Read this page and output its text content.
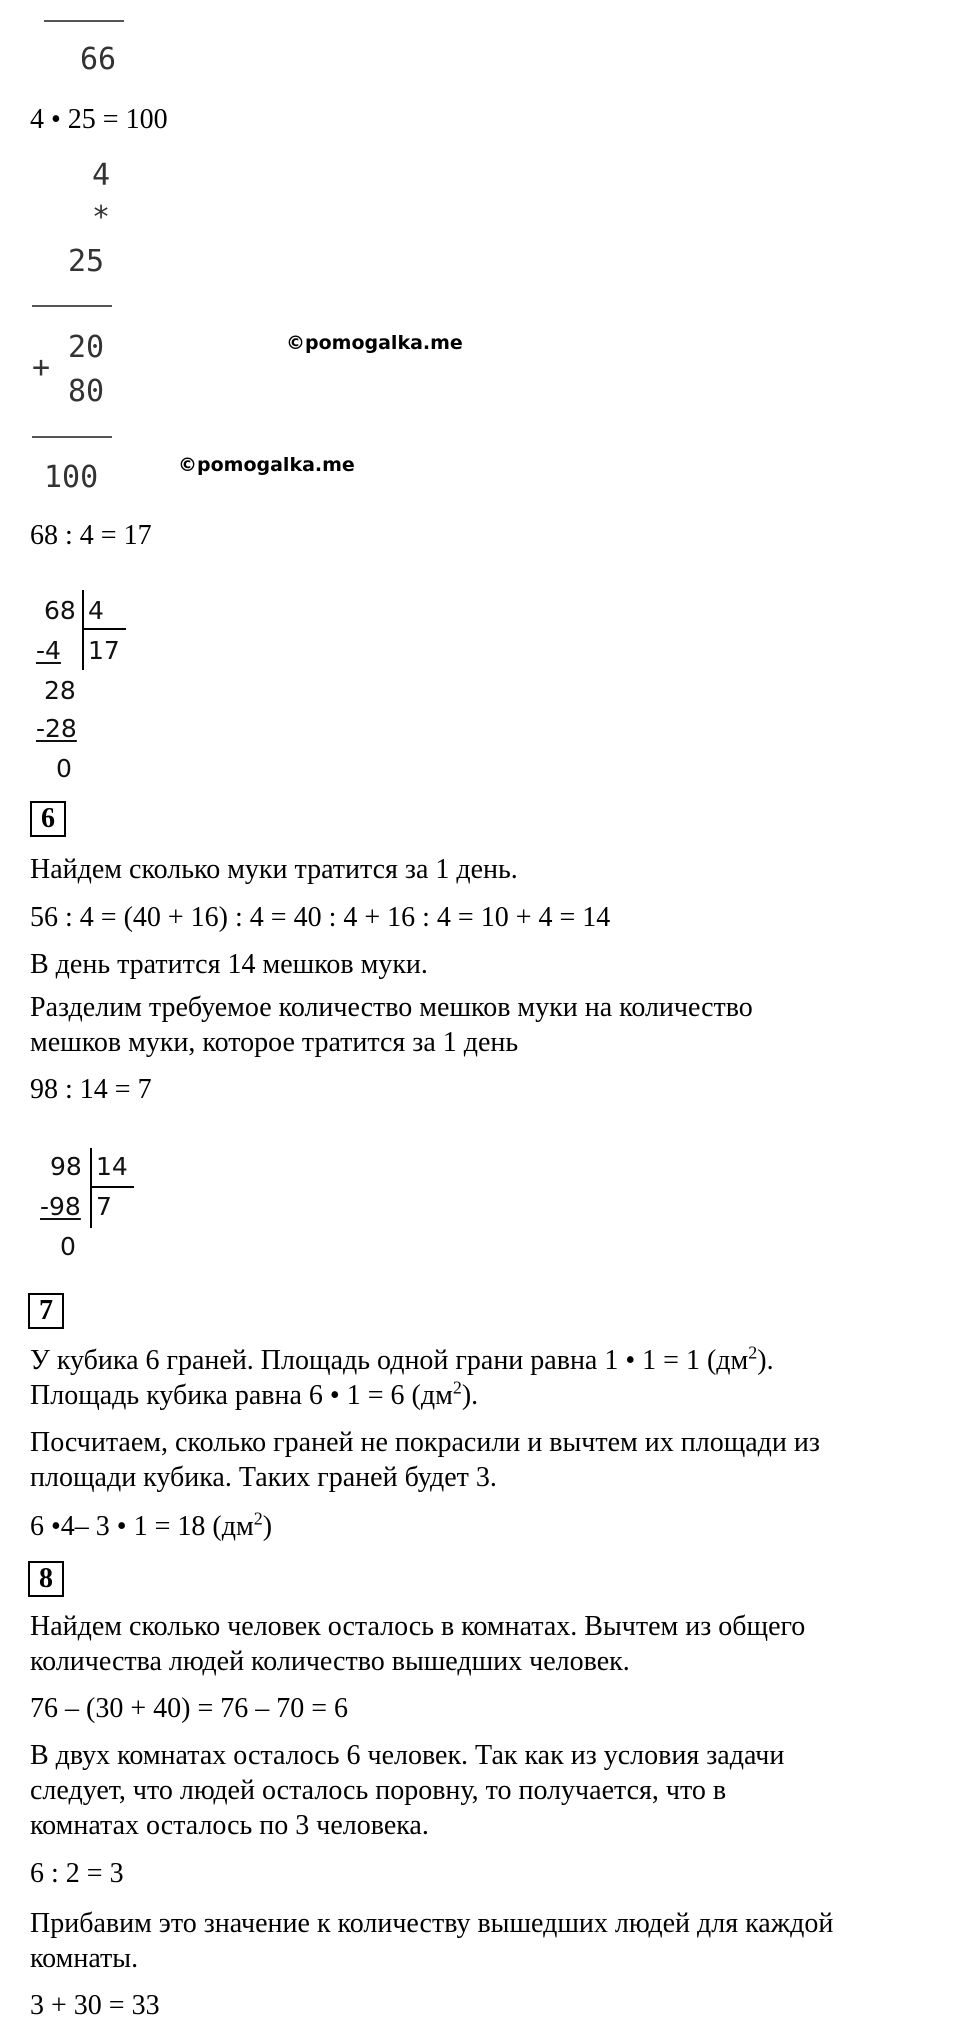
66
4 • 25 = 100
4
*
25
+
20
80
©pomogalka.me
100	©pomogalka.me
68 : 4 = 17
68 4
-4 17
28
-28
0
6
Найдем сколько муки тратится за 1 день.
56 : 4 = (40 + 16) : 4 = 40 : 4 + 16 : 4 = 10 + 4 = 14
В день тратится 14 мешков муки.
Разделим требуемое количество мешков муки на количество
мешков муки, которое тратится за 1 день
98 : 14 = 7
98 14
-98 7
0
7
У кубика 6 граней. Площадь одной грани равна 1 • 1 = 1 $(дм^2)$.
Площадь кубика равна 6 • 1 = 6 $(дм^2)$.
Посчитаем, сколько граней не покрасили и вычтем их площади из
площади кубика. Таких граней будет 3.
6 •4– 3 • 1 = 18 $(дм^2)$
8
Найдем сколько человек осталось в комнатах. Вычтем из общего
количества людей количество вышедших человек.
76 – (30 + 40) = 76 – 70 = 6
В двух комнатах осталось 6 человек. Так как из условия задачи
следует, что людей осталось поровну, то получается, что в
комнатах осталось по 3 человека.
6 : 2 = 3
Прибавим это значение к количеству вышедших людей для каждой
комнаты.
3 + 30 = 33
